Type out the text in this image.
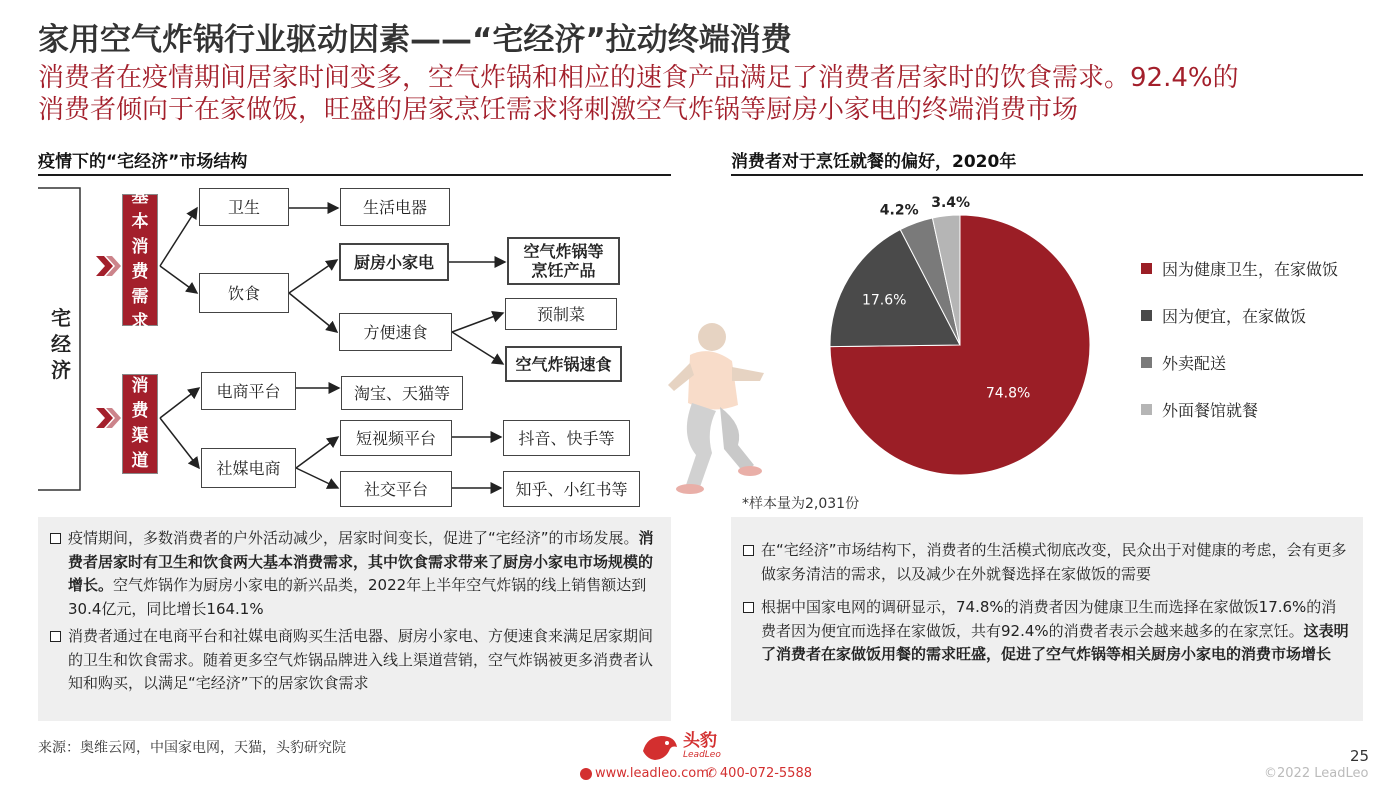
家用空气炸锅行业驱动因素——“宅经济”拉动终端消费
消费者在疫情期间居家时间变多，空气炸锅和相应的速食产品满足了消费者居家时的饮食需求。92.4%的
消费者倾向于在家做饭，旺盛的居家烹饪需求将刺激空气炸锅等厨房小家电的终端消费市场
疫情下的“宅经济”市场结构
宅经济
基本消费需求
消费渠道
卫生	生活电器
饮食
厨房小家电
空气炸锅等
烹饪产品
方便速食
预制菜
空气炸锅速食
电商平台	淘宝、天猫等
社媒电商
短视频平台	抖音、快手等
社交平台	知乎、小红书等
疫情期间，多数消费者的户外活动减少，居家时间变长，促进了“宅经济”的市场发展。消费者居家时有卫生和饮食两大基本消费需求，其中饮食需求带来了厨房小家电市场规模的增长。空气炸锅作为厨房小家电的新兴品类，2022年上半年空气炸锅的线上销售额达到30.4亿元，同比增长164.1%
消费者通过在电商平台和社媒电商购买生活电器、厨房小家电、方便速食来满足居家期间的卫生和饮食需求。随着更多空气炸锅品牌进入线上渠道营销，空气炸锅被更多消费者认知和购买，以满足“宅经济”下的居家饮食需求
消费者对于烹饪就餐的偏好，2020年
74.8%
17.6%
4.2% 3.4%
因为健康卫生，在家做饭
因为便宜，在家做饭
外卖配送
外面餐馆就餐
*样本量为2,031份
在“宅经济”市场结构下，消费者的生活模式彻底改变，民众出于对健康的考虑，会有更多做家务清洁的需求，以及减少在外就餐选择在家做饭的需要
根据中国家电网的调研显示，74.8%的消费者因为健康卫生而选择在家做饭17.6%的消费者因为便宜而选择在家做饭，共有92.4%的消费者表示会越来越多的在家烹饪。这表明了消费者在家做饭用餐的需求旺盛，促进了空气炸锅等相关厨房小家电的消费市场增长
来源：奥维云网，中国家电网，天猫，头豹研究院	头豹
LeadLeo
www.leadleo.com
✆ 400-072-5588
25
©2022 LeadLeo
